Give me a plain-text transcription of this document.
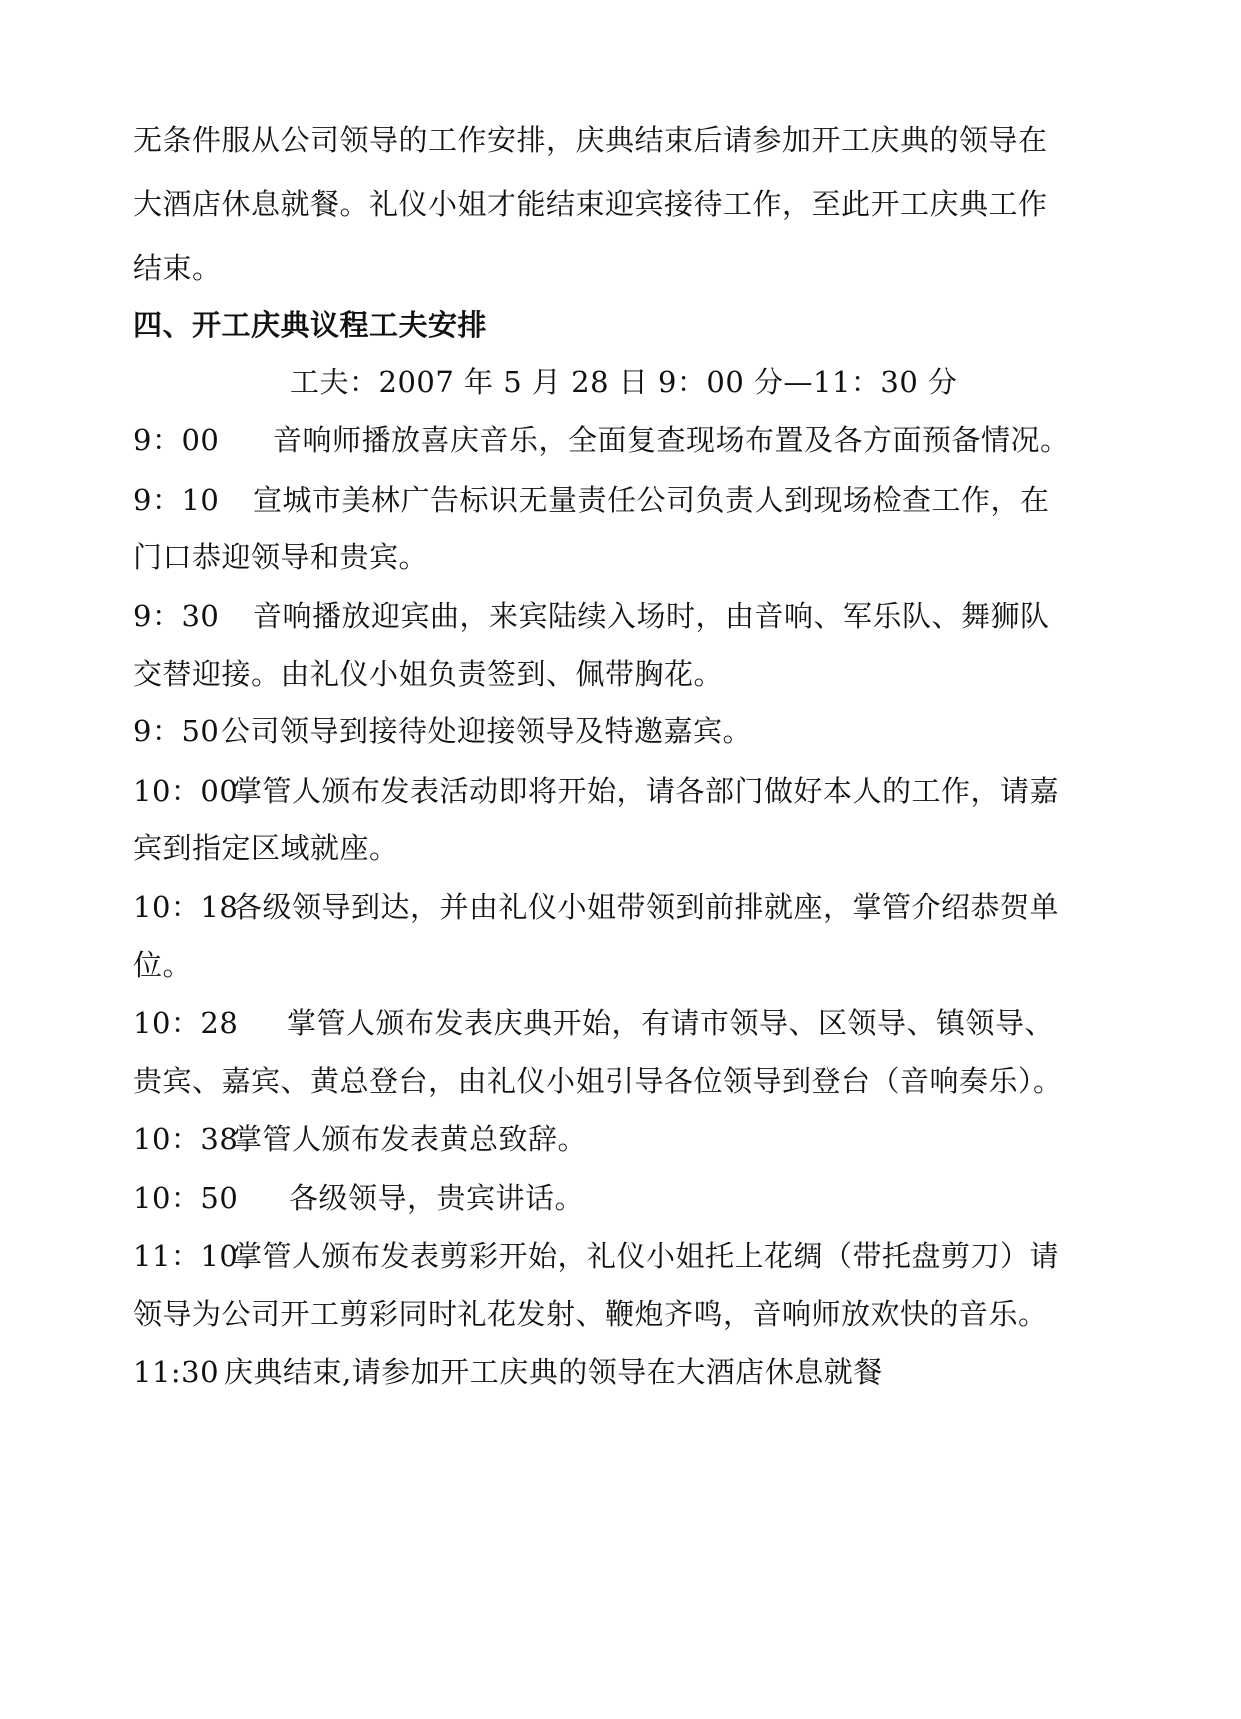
无条件服从公司领导的工作安排，庆典结束后请参加开工庆典的领导在
大酒店休息就餐。礼仪小姐才能结束迎宾接待工作，至此开工庆典工作
结束。
四、开工庆典议程工夫安排
工夫：2007 年 5 月 28 日 9：00 分—11：30 分
9：00 音响师播放喜庆音乐，全面复查现场布置及各方面预备情况。
9：10 宣城市美林广告标识无量责任公司负责人到现场检查工作，在
门口恭迎领导和贵宾。
9：30 音响播放迎宾曲，来宾陆续入场时，由音响、军乐队、舞狮队
交替迎接。由礼仪小姐负责签到、佩带胸花。
9：50公司领导到接待处迎接领导及特邀嘉宾。
10：00掌管人颁布发表活动即将开始，请各部门做好本人的工作，请嘉
宾到指定区域就座。
10：18各级领导到达，并由礼仪小姐带领到前排就座，掌管介绍恭贺单
位。
10：28 掌管人颁布发表庆典开始，有请市领导、区领导、镇领导、
贵宾、嘉宾、黄总登台，由礼仪小姐引导各位领导到登台（音响奏乐）。
10：38掌管人颁布发表黄总致辞。
10：50 各级领导，贵宾讲话。
11：10掌管人颁布发表剪彩开始，礼仪小姐托上花绸（带托盘剪刀）请
领导为公司开工剪彩同时礼花发射、鞭炮齐鸣，音响师放欢快的音乐。
11:30 庆典结束,请参加开工庆典的领导在大酒店休息就餐
